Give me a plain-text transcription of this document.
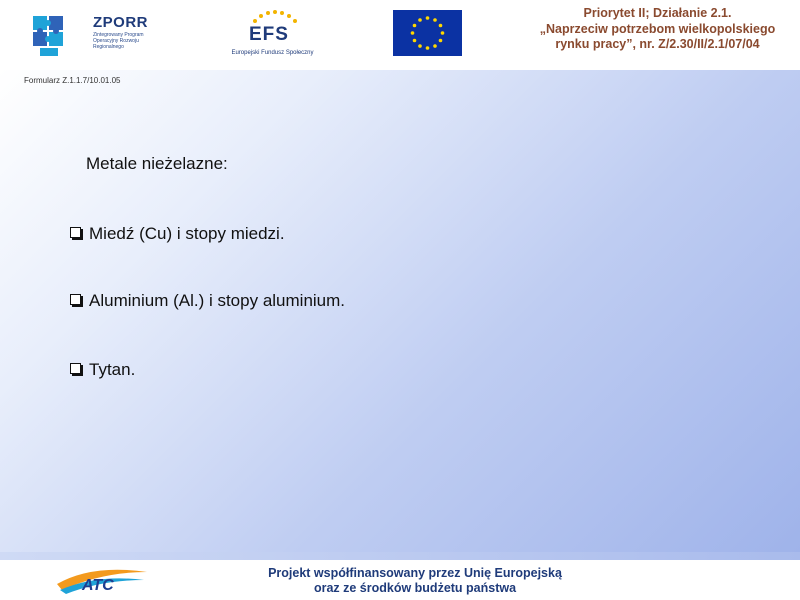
ZPORR
Zintegrowany Program Operacyjny Rozwoju Regionalnego
EFS
Europejski Fundusz Społeczny
Priorytet II; Działanie 2.1.
„Naprzeciw potrzebom wielkopolskiego
rynku pracy”, nr. Z/2.30/II/2.1/07/04
Formularz Z.1.1.7/10.01.05
Metale nieżelazne:
Miedź (Cu) i stopy miedzi.
Aluminium (Al.) i stopy aluminium.
Tytan.
ATC
Projekt współfinansowany przez Unię Europejską
oraz ze środków budżetu państwa
